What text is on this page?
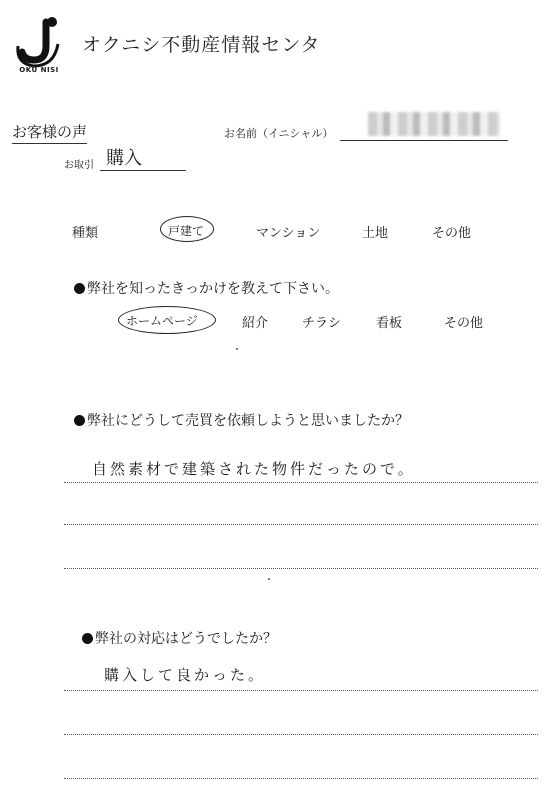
OKU NISI
オクニシ不動産情報センタ
お客様の声	お名前（イニシャル）
お取引 購入
種類	戸建て	マンション	土地	その他
弊社を知ったきっかけを教えて下さい。
ホームページ	紹介	チラシ	看板	その他
弊社にどうして売買を依頼しようと思いましたか？
自然素材で建築された物件だったので。
弊社の対応はどうでしたか？
購入して良かった。
